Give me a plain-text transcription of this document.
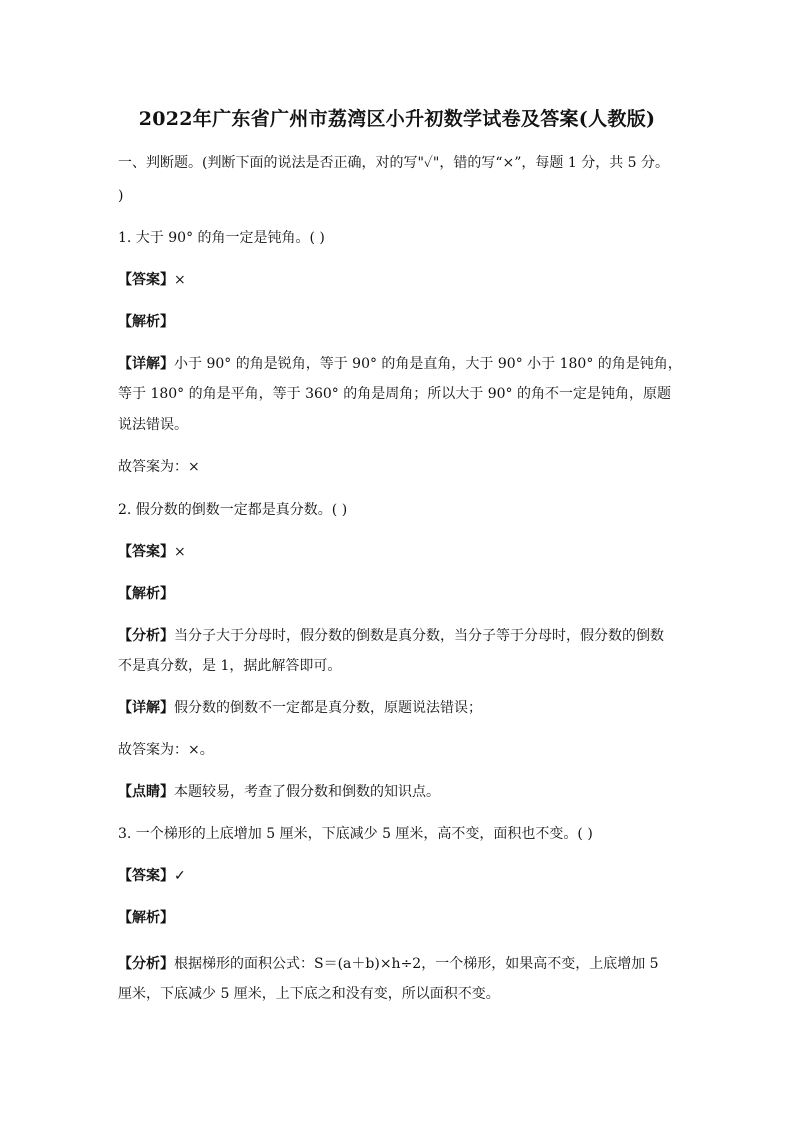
2022年广东省广州市荔湾区小升初数学试卷及答案(人教版)
一、判断题。(判断下面的说法是否正确，对的写"✓"，错的写“×”，每题 1 分，共 5 分。
)
1. 大于 90° 的角一定是钝角。( )
【答案】×
【解析】
【详解】小于 90° 的角是锐角，等于 90° 的角是直角，大于 90° 小于 180° 的角是钝角，
等于 180° 的角是平角，等于 360° 的角是周角；所以大于 90° 的角不一定是钝角，原题
说法错误。
故答案为：×
2. 假分数的倒数一定都是真分数。( )
【答案】×
【解析】
【分析】当分子大于分母时，假分数的倒数是真分数，当分子等于分母时，假分数的倒数
不是真分数，是 1，据此解答即可。
【详解】假分数的倒数不一定都是真分数，原题说法错误；
故答案为：×。
【点睛】本题较易，考查了假分数和倒数的知识点。
3. 一个梯形的上底增加 5 厘米，下底减少 5 厘米，高不变，面积也不变。( )
【答案】✓
【解析】
【分析】根据梯形的面积公式：S＝(a＋b)×h÷2，一个梯形，如果高不变，上底增加 5
厘米，下底减少 5 厘米，上下底之和没有变，所以面积不变。
